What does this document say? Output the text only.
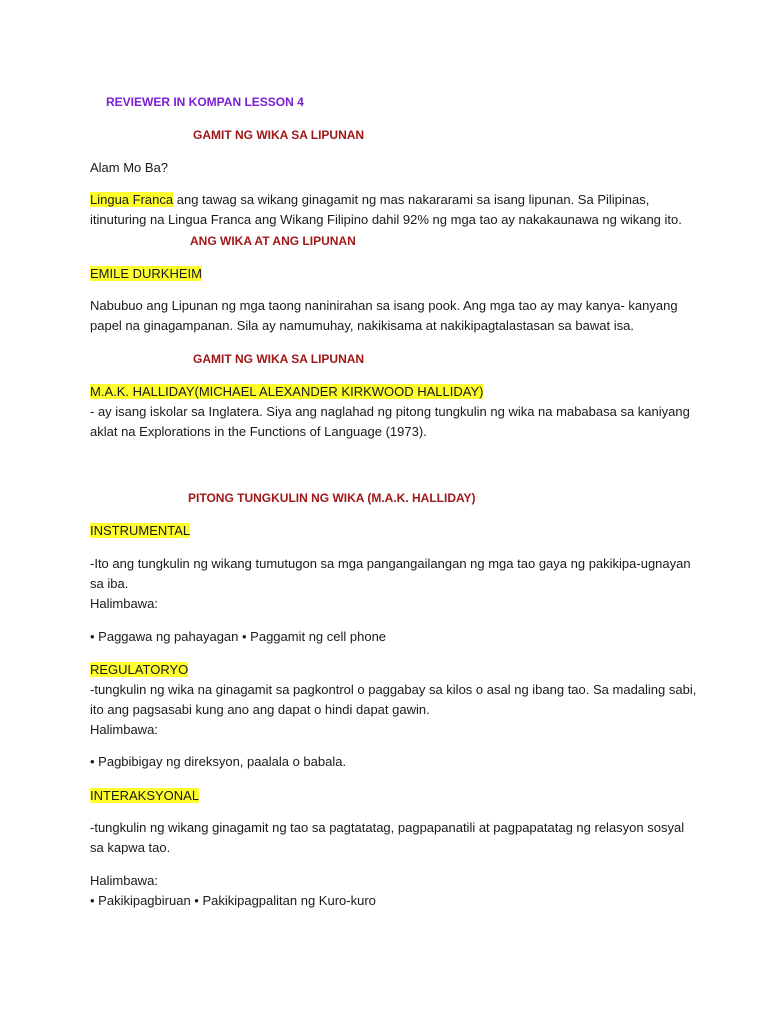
REVIEWER IN KOMPAN LESSON 4
GAMIT NG WIKA SA LIPUNAN
Alam Mo Ba?
Lingua Franca ang tawag sa wikang ginagamit ng mas nakararami sa isang lipunan. Sa Pilipinas,
itinuturing na Lingua Franca ang Wikang Filipino dahil 92% ng mga tao ay nakakaunawa ng wikang ito.
ANG WIKA AT ANG LIPUNAN
EMILE DURKHEIM
Nabubuo ang Lipunan ng mga taong naninirahan sa isang pook. Ang mga tao ay may kanya- kanyang
papel na ginagampanan. Sila ay namumuhay, nakikisama at nakikipagtalastasan sa bawat isa.
GAMIT NG WIKA SA LIPUNAN
M.A.K. HALLIDAY(MICHAEL ALEXANDER KIRKWOOD HALLIDAY)
- ay isang iskolar sa Inglatera. Siya ang naglahad ng pitong tungkulin ng wika na mababasa sa kaniyang
aklat na Explorations in the Functions of Language (1973).
PITONG TUNGKULIN NG WIKA (M.A.K. HALLIDAY)
INSTRUMENTAL
-Ito ang tungkulin ng wikang tumutugon sa mga pangangailangan ng mga tao gaya ng pakikipa-ugnayan
sa iba.
Halimbawa:
• Paggawa ng pahayagan • Paggamit ng cell phone
REGULATORYO
-tungkulin ng wika na ginagamit sa pagkontrol o paggabay sa kilos o asal ng ibang tao. Sa madaling sabi,
ito ang pagsasabi kung ano ang dapat o hindi dapat gawin.
Halimbawa:
• Pagbibigay ng direksyon, paalala o babala.
INTERAKSYONAL
-tungkulin ng wikang ginagamit ng tao sa pagtatatag, pagpapanatili at pagpapatatag ng relasyon sosyal
sa kapwa tao.
Halimbawa:
• Pakikipagbiruan • Pakikipagpalitan ng Kuro-kuro
